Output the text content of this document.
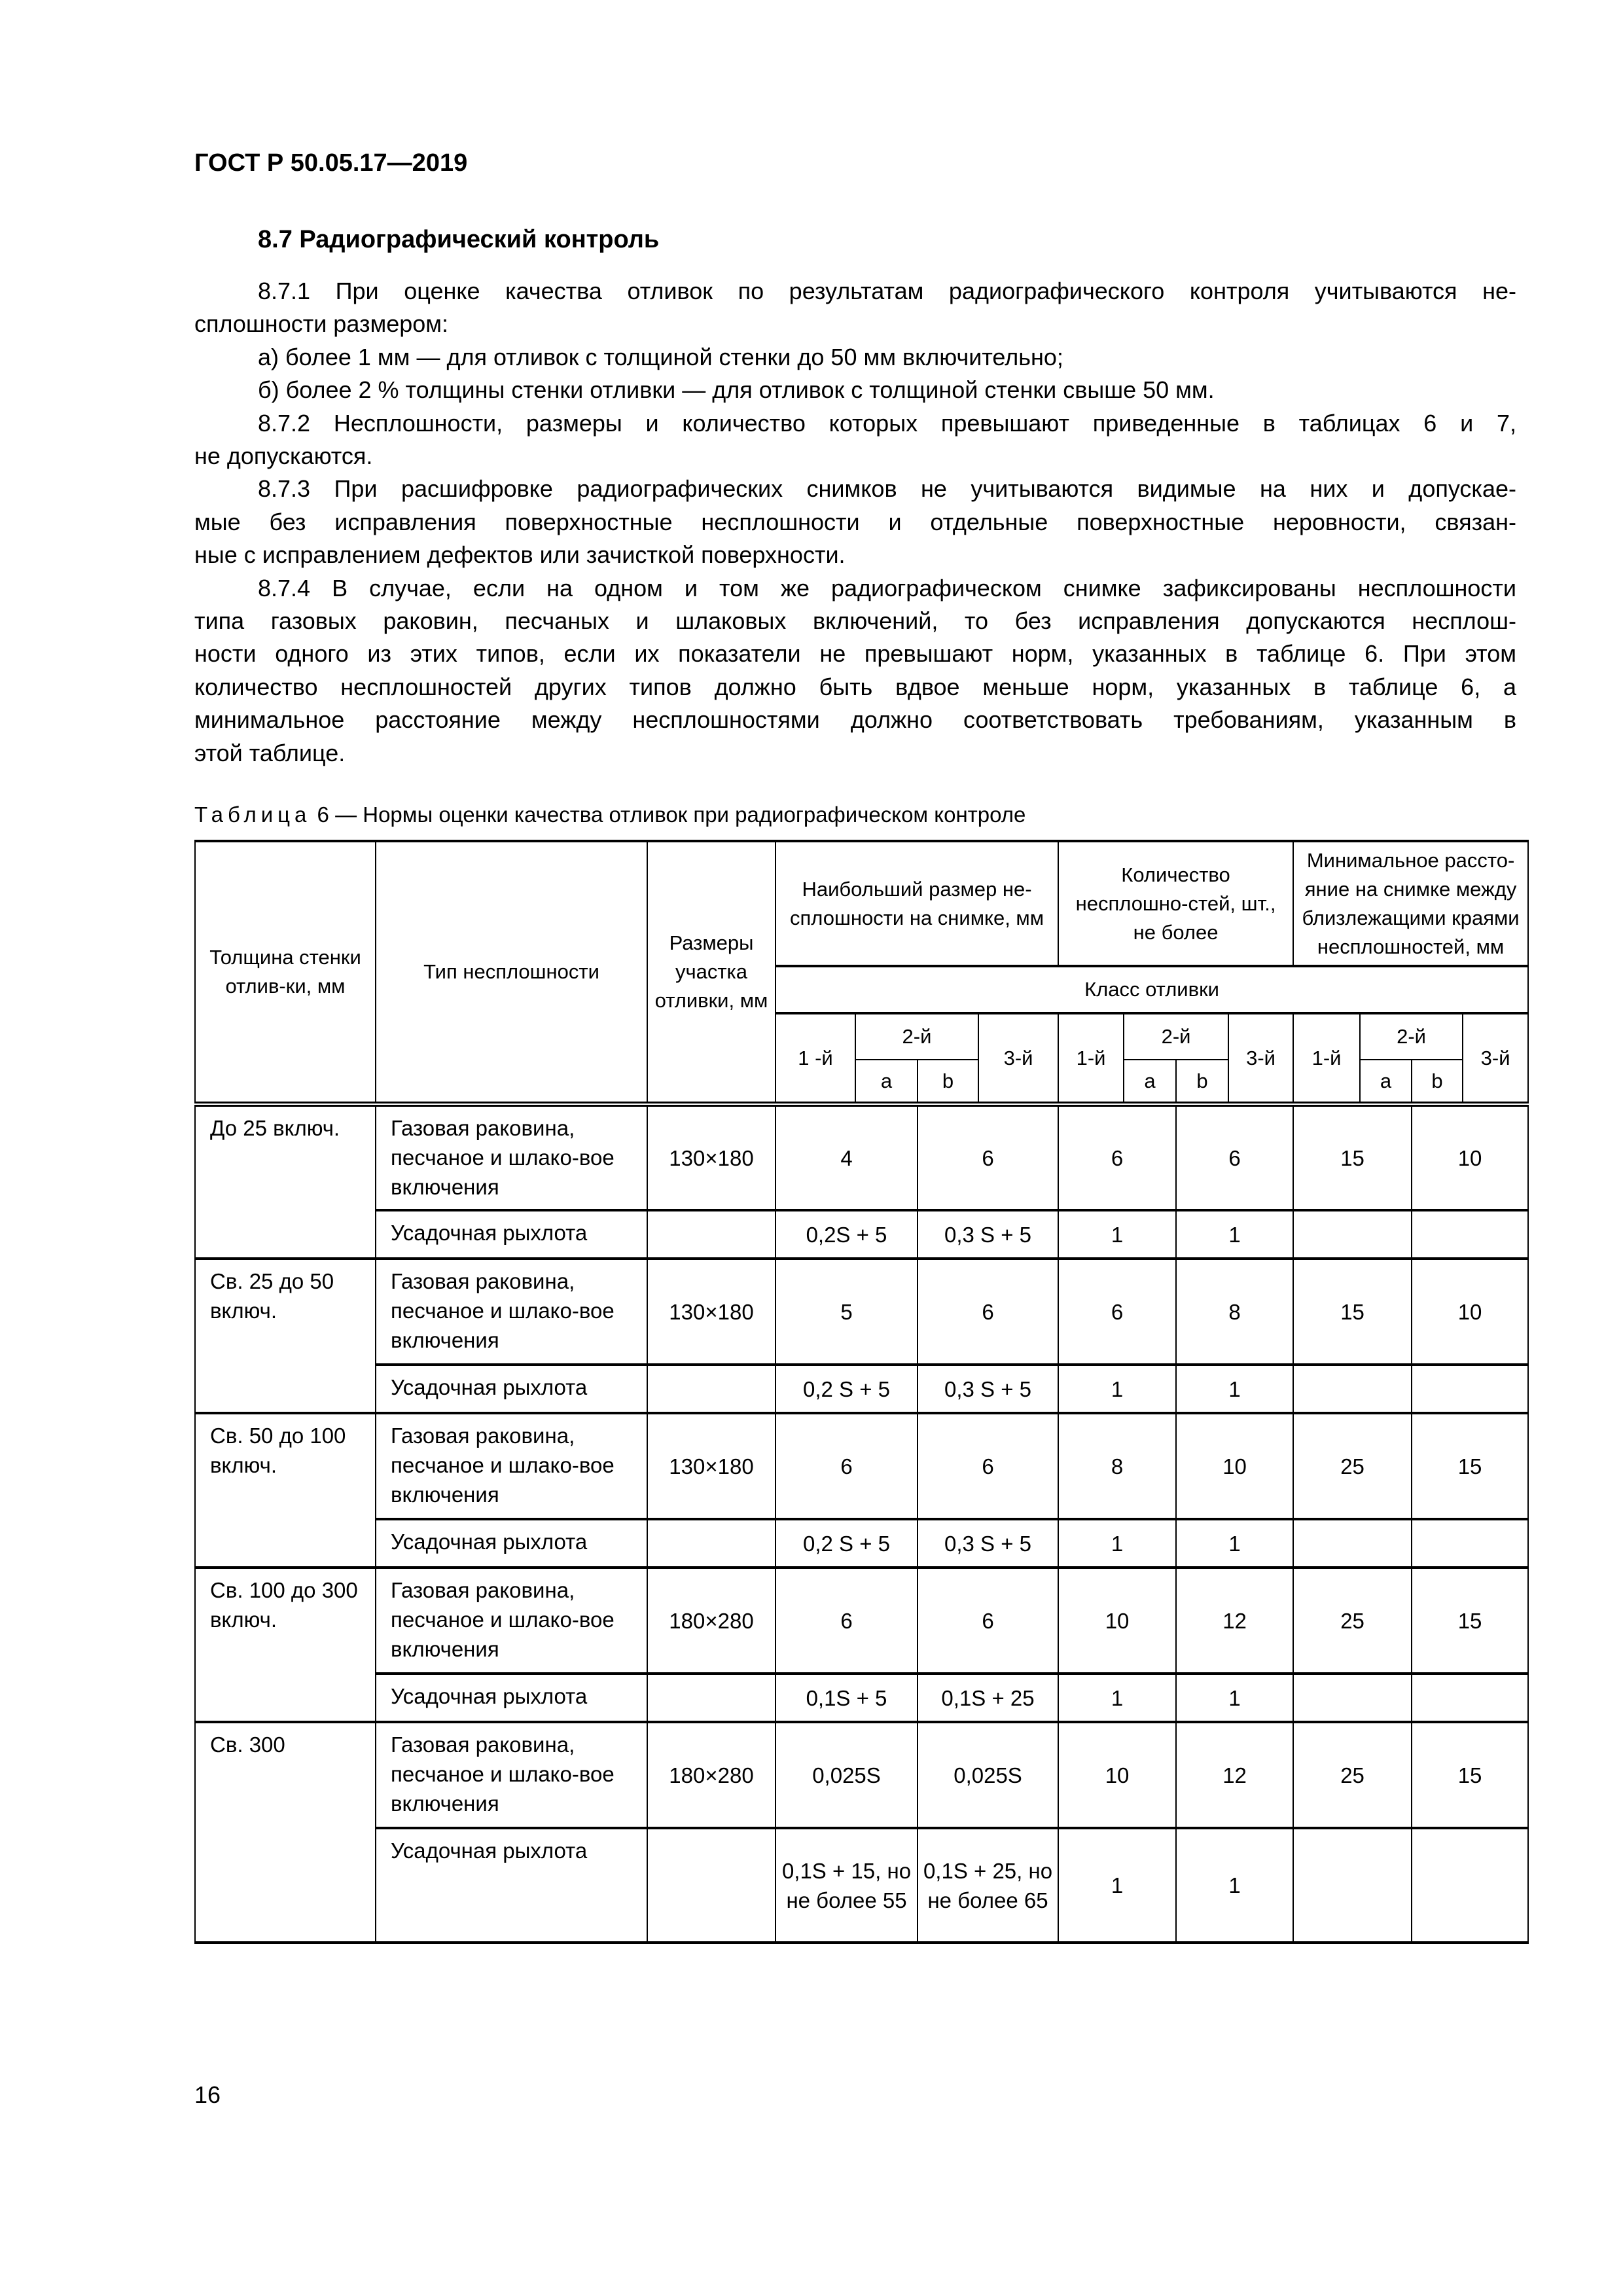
ГОСТ Р 50.05.17—2019
8.7 Радиографический контроль
8.7.1 При оценке качества отливок по результатам радиографического контроля учитываются не-
сплошности размером:
а) более 1 мм — для отливок с толщиной стенки до 50 мм включительно;
б) более 2 % толщины стенки отливки — для отливок с толщиной стенки свыше 50 мм.
8.7.2 Несплошности, размеры и количество которых превышают приведенные в таблицах 6 и 7,
не допускаются.
8.7.3 При расшифровке радиографических снимков не учитываются видимые на них и допускае-
мые без исправления поверхностные несплошности и отдельные поверхностные неровности, связан-
ные с исправлением дефектов или зачисткой поверхности.
8.7.4 В случае, если на одном и том же радиографическом снимке зафиксированы несплошности
типа газовых раковин, песчаных и шлаковых включений, то без исправления допускаются несплош-
ности одного из этих типов, если их показатели не превышают норм, указанных в таблице 6. При этом
количество несплошностей других типов должно быть вдвое меньше норм, указанных в таблице 6, а
минимальное расстояние между несплошностями должно соответствовать требованиям, указанным в
этой таблице.
Таблица 6 — Нормы оценки качества отливок при радиографическом контроле
Толщина стенки отлив-ки, мм	Тип несплошности	Размеры участка отливки, мм	Наибольший размер не-сплошности на снимке, мм				Количество несплошно-стей, шт., не более				Минимальное рассто-яние на снимке между близлежащими краями несплошностей, мм			
			Класс отливки											
			1 -й	2-й		3-й	1-й	2-й		3-й	1-й	2-й		3-й
				a	b			a	b			a	b	
До 25 включ.	Газовая раковина, песчаное и шлако-вое включения	130×180	4		6		6		6		15		10	
	Усадочная рыхлота		0,2S + 5		0,3 S + 5		1		1					
Св. 25 до 50 включ.	Газовая раковина, песчаное и шлако-вое включения	130×180	5		6		6		8		15		10	
	Усадочная рыхлота		0,2 S + 5		0,3 S + 5		1		1					
Св. 50 до 100 включ.	Газовая раковина, песчаное и шлако-вое включения	130×180	6		6		8		10		25		15	
	Усадочная рыхлота		0,2 S + 5		0,3 S + 5		1		1					
Св. 100 до 300 включ.	Газовая раковина, песчаное и шлако-вое включения	180×280	6		6		10		12		25		15	
	Усадочная рыхлота		0,1S + 5		0,1S + 25		1		1					
Св. 300	Газовая раковина, песчаное и шлако-вое включения	180×280	0,025S		0,025S		10		12		25		15	
	Усадочная рыхлота		0,1S + 15, но не более 55		0,1S + 25, но не более 65		1		1					
16
